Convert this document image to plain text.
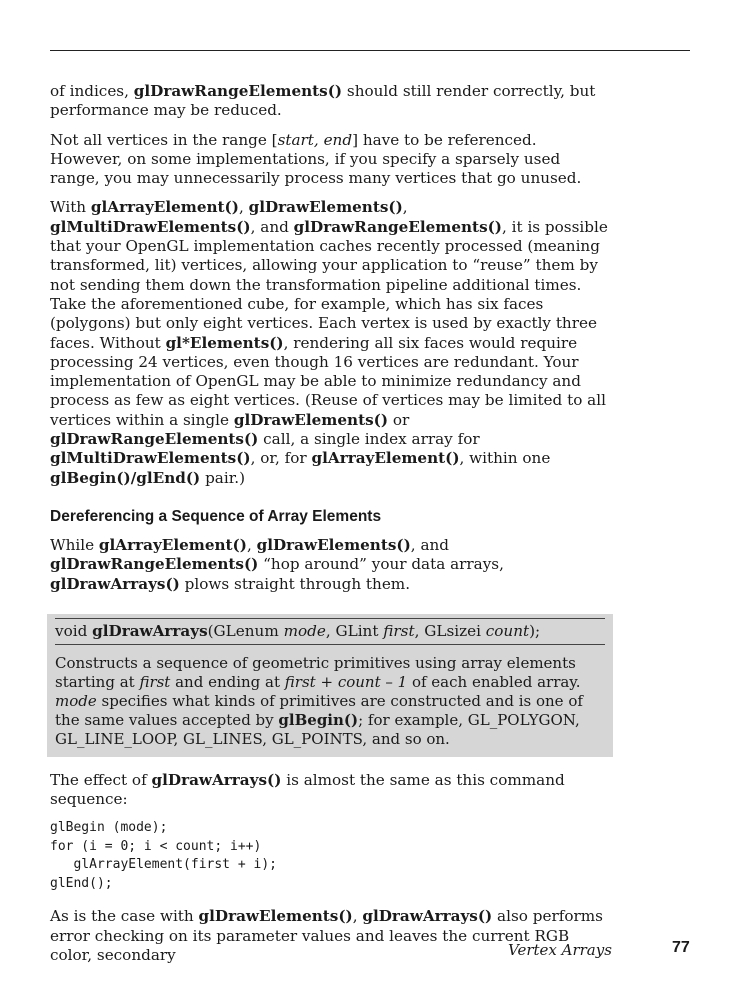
of indices, glDrawRangeElements() should still render correctly, but performance may be reduced.

Not all vertices in the range [start, end] have to be referenced. However, on some implementations, if you specify a sparsely used range, you may unnecessarily process many vertices that go unused.

With glArrayElement(), glDrawElements(), glMultiDrawElements(), and glDrawRangeElements(), it is possible that your OpenGL implementation caches recently processed (meaning transformed, lit) vertices, allowing your application to “reuse” them by not sending them down the transformation pipeline additional times. Take the aforementioned cube, for example, which has six faces (polygons) but only eight vertices. Each vertex is used by exactly three faces. Without gl*Elements(), rendering all six faces would require processing 24 vertices, even though 16 vertices are redundant. Your implementation of OpenGL may be able to minimize redundancy and process as few as eight vertices. (Reuse of vertices may be limited to all vertices within a single glDrawElements() or glDrawRangeElements() call, a single index array for glMultiDrawElements(), or, for glArrayElement(), within one glBegin()/glEnd() pair.)

Dereferencing a Sequence of Array Elements

While glArrayElement(), glDrawElements(), and glDrawRangeElements() “hop around” your data arrays, glDrawArrays() plows straight through them.

void glDrawArrays(GLenum mode, GLint first, GLsizei count);
Constructs a sequence of geometric primitives using array elements starting at first and ending at first + count – 1 of each enabled array. mode specifies what kinds of primitives are constructed and is one of the same values accepted by glBegin(); for example, GL_POLYGON, GL_LINE_LOOP, GL_LINES, GL_POINTS, and so on.

The effect of glDrawArrays() is almost the same as this command sequence:

glBegin (mode);
for (i = 0; i < count; i++)
glArrayElement(first + i);
glEnd();

As is the case with glDrawElements(), glDrawArrays() also performs error checking on its parameter values and leaves the current RGB color, secondary	Vertex Arrays	77
